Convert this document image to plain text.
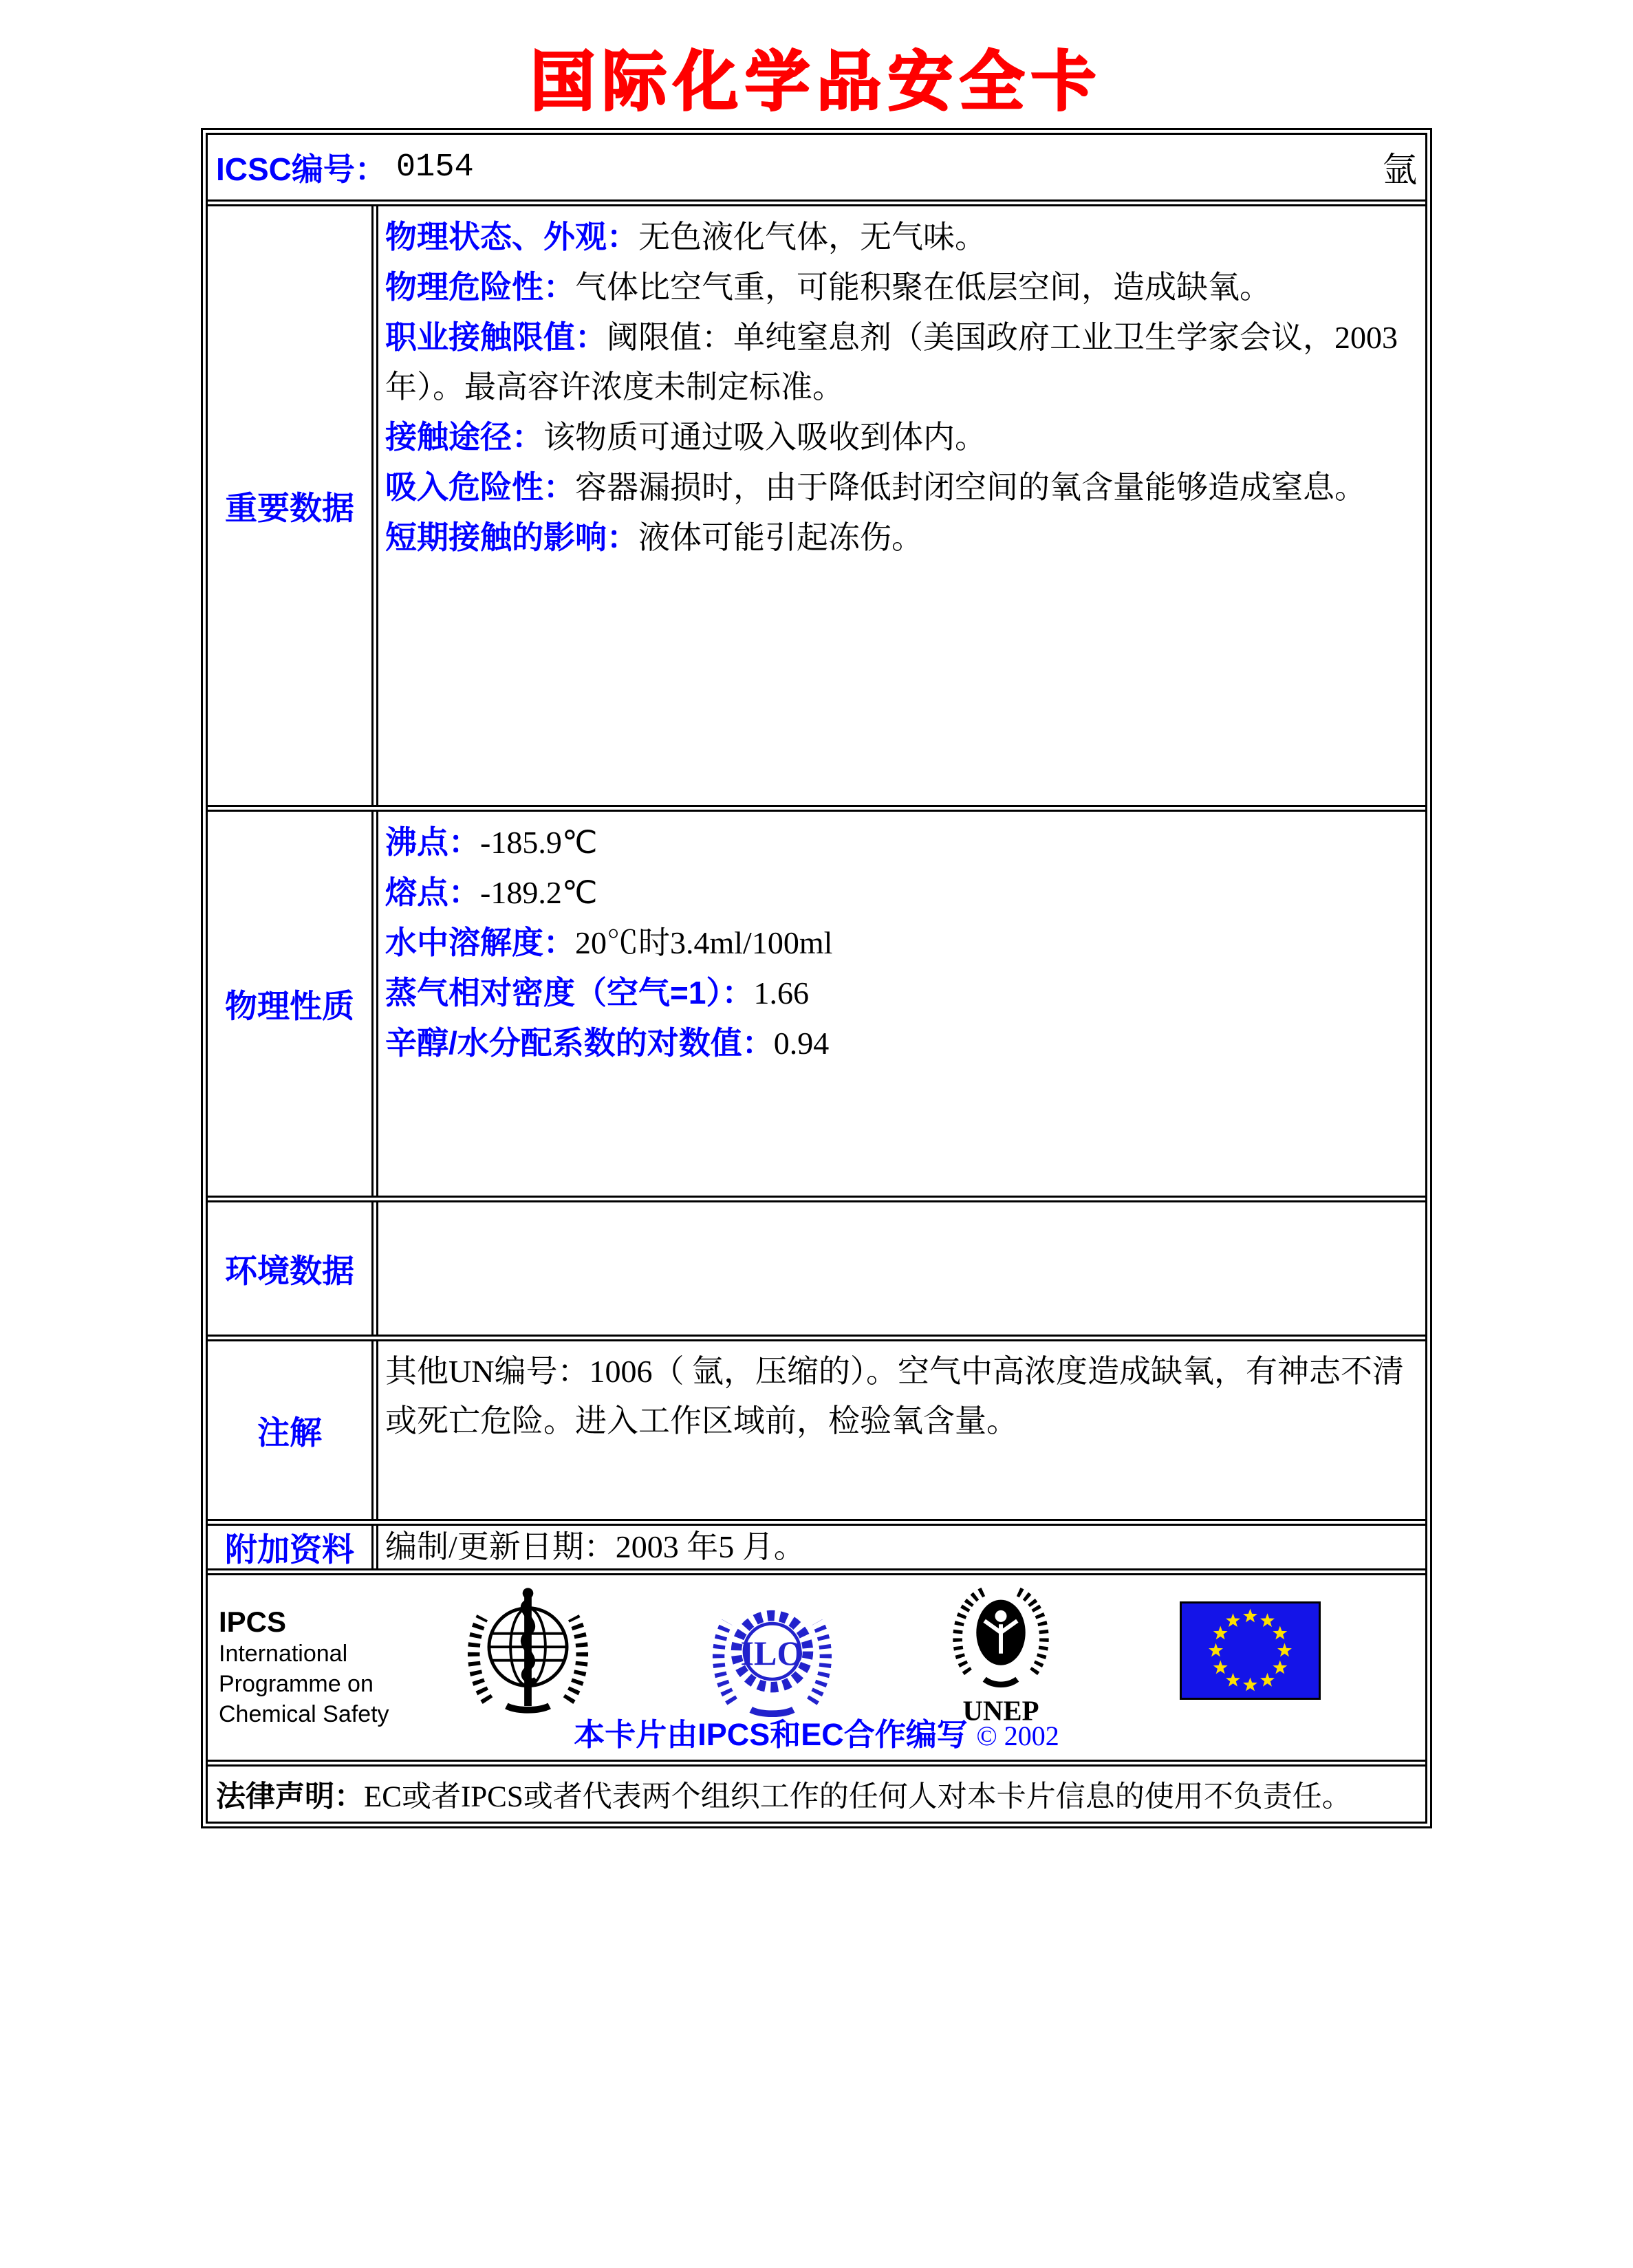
国际化学品安全卡
ICSC编号： 0154	氩
重要数据
物理状态、外观：无色液化气体，无气味。
物理危险性：气体比空气重，可能积聚在低层空间，造成缺氧。
职业接触限值：阈限值：单纯窒息剂（美国政府工业卫生学家会议，2003年）。最高容许浓度未制定标准。
接触途径：该物质可通过吸入吸收到体内。
吸入危险性：容器漏损时，由于降低封闭空间的氧含量能够造成窒息。
短期接触的影响：液体可能引起冻伤。
物理性质
沸点：-185.9℃
熔点：-189.2℃
水中溶解度：20℃时3.4ml/100ml
蒸气相对密度（空气=1）：1.66
辛醇/水分配系数的对数值：0.94
环境数据
注解
其他UN编号：1006（ 氩，压缩的）。空气中高浓度造成缺氧，有神志不清或死亡危险。进入工作区域前，检验氧含量。
附加资料 编制/更新日期：2003 年5 月。
IPCS
International
Programme on
Chemical Safety
ILO
UNEP
本卡片由IPCS和EC合作编写 © 2002
法律声明： EC或者IPCS或者代表两个组织工作的任何人对本卡片信息的使用不负责任。
